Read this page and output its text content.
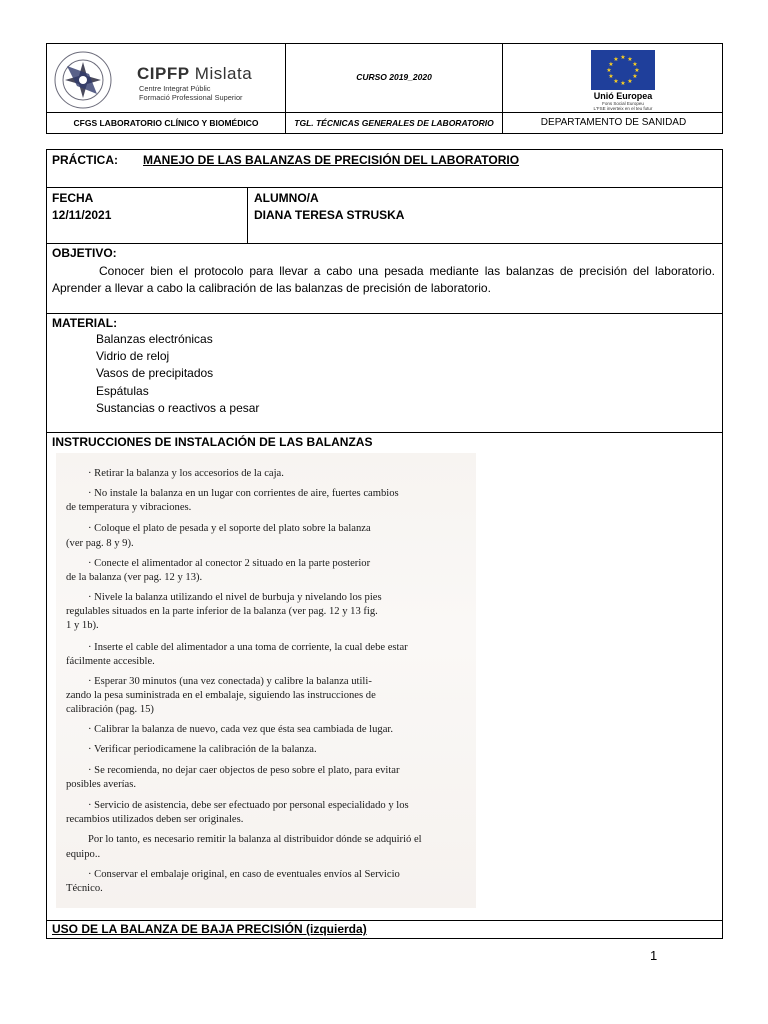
CIPFP Mislata
Centre Integrat Públic
Formació Professional Superior
CURSO 2019_2020
★ ★
★
★
★
★
★
★
★
★
★
★
Unió Europea
Fons Social Europeu
L'FSE inverteix en el teu futur
CFGS LABORATORIO CLÍNICO Y BIOMÉDICO	TGL. TÉCNICAS GENERALES DE LABORATORIO	DEPARTAMENTO DE SANIDAD
PRÁCTICA: MANEJO DE LAS BALANZAS DE PRECISIÓN DEL LABORATORIO
FECHA
12/11/2021
ALUMNO/A
DIANA TERESA STRUSKA
OBJETIVO:
Conocer bien el protocolo para llevar a cabo una pesada mediante las balanzas de precisión del laboratorio. Aprender a llevar a cabo la calibración de las balanzas de precisión de laboratorio.
MATERIAL:
Balanzas electrónicas
Vidrio de reloj
Vasos de precipitados
Espátulas
Sustancias o reactivos a pesar
INSTRUCCIONES DE INSTALACIÓN DE LAS BALANZAS
USO DE LA BALANZA DE BAJA PRECISIÓN (izquierda)
· Retirar la balanza y los accesorios de la caja.
· No instale la balanza en un lugar con corrientes de aire, fuertes cambios
de temperatura y vibraciones.
· Coloque el plato de pesada y el soporte del plato sobre la balanza
(ver pag. 8 y 9).
· Conecte el alimentador al conector 2 situado en la parte posterior
de la balanza (ver pag. 12 y 13).
· Nivele la balanza utilizando el nivel de burbuja y nivelando los pies
regulables situados en la parte inferior de la balanza (ver pag. 12 y 13 fig.
1 y 1b).
· Inserte el cable del alimentador a una toma de corriente, la cual debe estar
fácilmente accesible.
· Esperar 30 minutos (una vez conectada) y calibre la balanza utili-
zando la pesa suministrada en el embalaje, siguiendo las instrucciones de
calibración (pag. 15)
· Calibrar la balanza de nuevo, cada vez que ésta sea cambiada de lugar.
· Verificar periodicamene la calibración de la balanza.
· Se recomienda, no dejar caer objectos de peso sobre el plato, para evitar
posibles averías.
· Servicio de asistencia, debe ser efectuado por personal especialidado y los
recambios utilizados deben ser originales.
Por lo tanto, es necesario remitir la balanza al distribuidor dónde se adquirió el
equipo..
· Conservar el embalaje original, en caso de eventuales envíos al Servicio
Técnico.
1
